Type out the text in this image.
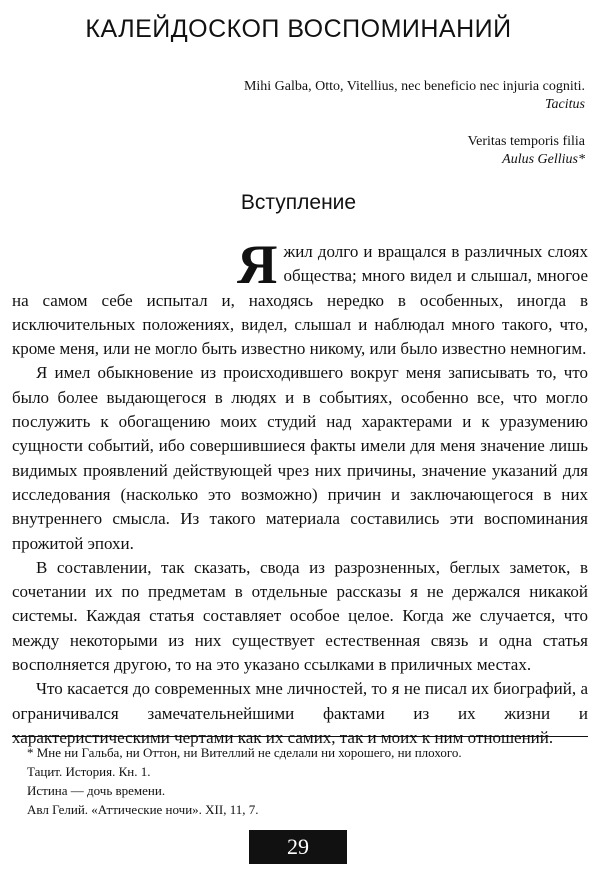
КАЛЕЙДОСКОП ВОСПОМИНАНИЙ
Mihi Galba, Otto, Vitellius, nec beneficio nec injuria cogniti.
Tacitus
Veritas temporis filia
Aulus Gellius*
Вступление

Я жил долго и вращался в различных слоях общества; много видел и слышал, многое на самом себе испытал и, находясь нередко в особенных, иногда в исключительных положениях, видел, слышал и наблюдал много такого, что, кроме меня, или не могло быть известно никому, или было известно немногим.

Я имел обыкновение из происходившего вокруг меня записывать то, что было более выдающегося в людях и в событиях, особенно все, что могло послужить к обогащению моих студий над характерами и к уразумению сущности событий, ибо совершившиеся факты имели для меня значение лишь видимых проявлений действующей чрез них причины, значение указаний для исследования (насколько это возможно) причин и заключающегося в них внутреннего смысла. Из такого материала составились эти воспоминания прожитой эпохи.

В составлении, так сказать, свода из разрозненных, беглых заметок, в сочетании их по предметам в отдельные рассказы я не держался никакой системы. Каждая статья составляет особое целое. Когда же случается, что между некоторыми из них существует естественная связь и одна статья восполняется другою, то на это указано ссылками в приличных местах.

Что касается до современных мне личностей, то я не писал их биографий, а ограничивался замечательнейшими фактами из их жизни и характеристическими чертами как их самих, так и моих к ним отношений.

* Мне ни Гальба, ни Оттон, ни Вителлий не сделали ни хорошего, ни плохого.
Тацит. История. Кн. 1.
Истина — дочь времени.
Авл Гелий. «Аттические ночи». XII, 11, 7.
29
